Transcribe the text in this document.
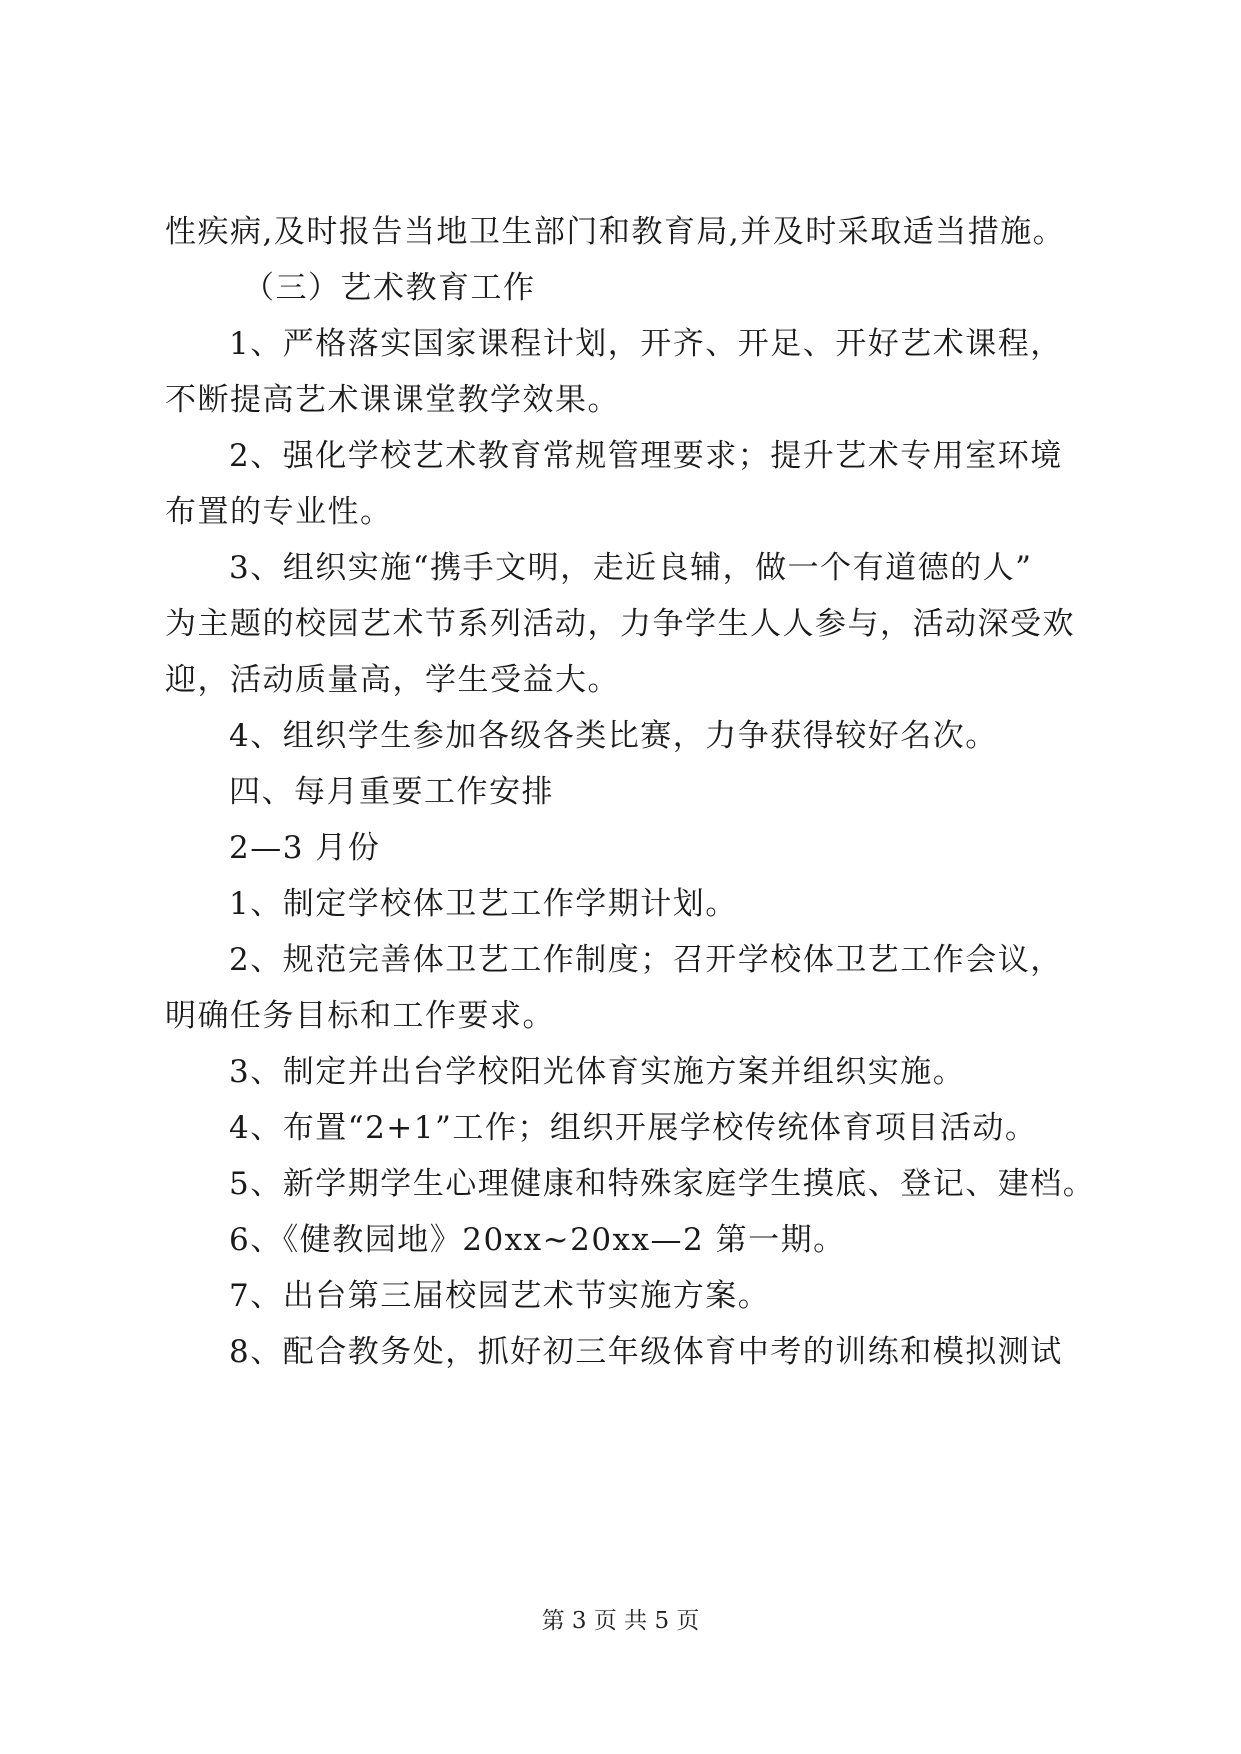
性疾病,及时报告当地卫生部门和教育局,并及时采取适当措施。
（三）艺术教育工作
1、严格落实国家课程计划，开齐、开足、开好艺术课程，
不断提高艺术课课堂教学效果。
2、强化学校艺术教育常规管理要求；提升艺术专用室环境
布置的专业性。
3、组织实施“携手文明，走近良辅，做一个有道德的人”
为主题的校园艺术节系列活动，力争学生人人参与，活动深受欢
迎，活动质量高，学生受益大。
4、组织学生参加各级各类比赛，力争获得较好名次。
四、每月重要工作安排
2—3 月份
1、制定学校体卫艺工作学期计划。
2、规范完善体卫艺工作制度；召开学校体卫艺工作会议，
明确任务目标和工作要求。
3、制定并出台学校阳光体育实施方案并组织实施。
4、布置“2+1”工作；组织开展学校传统体育项目活动。
5、新学期学生心理健康和特殊家庭学生摸底、登记、建档。
6、《健教园地》20xx~20xx—2 第一期。
7、出台第三届校园艺术节实施方案。
8、配合教务处，抓好初三年级体育中考的训练和模拟测试
第 3 页 共 5 页
